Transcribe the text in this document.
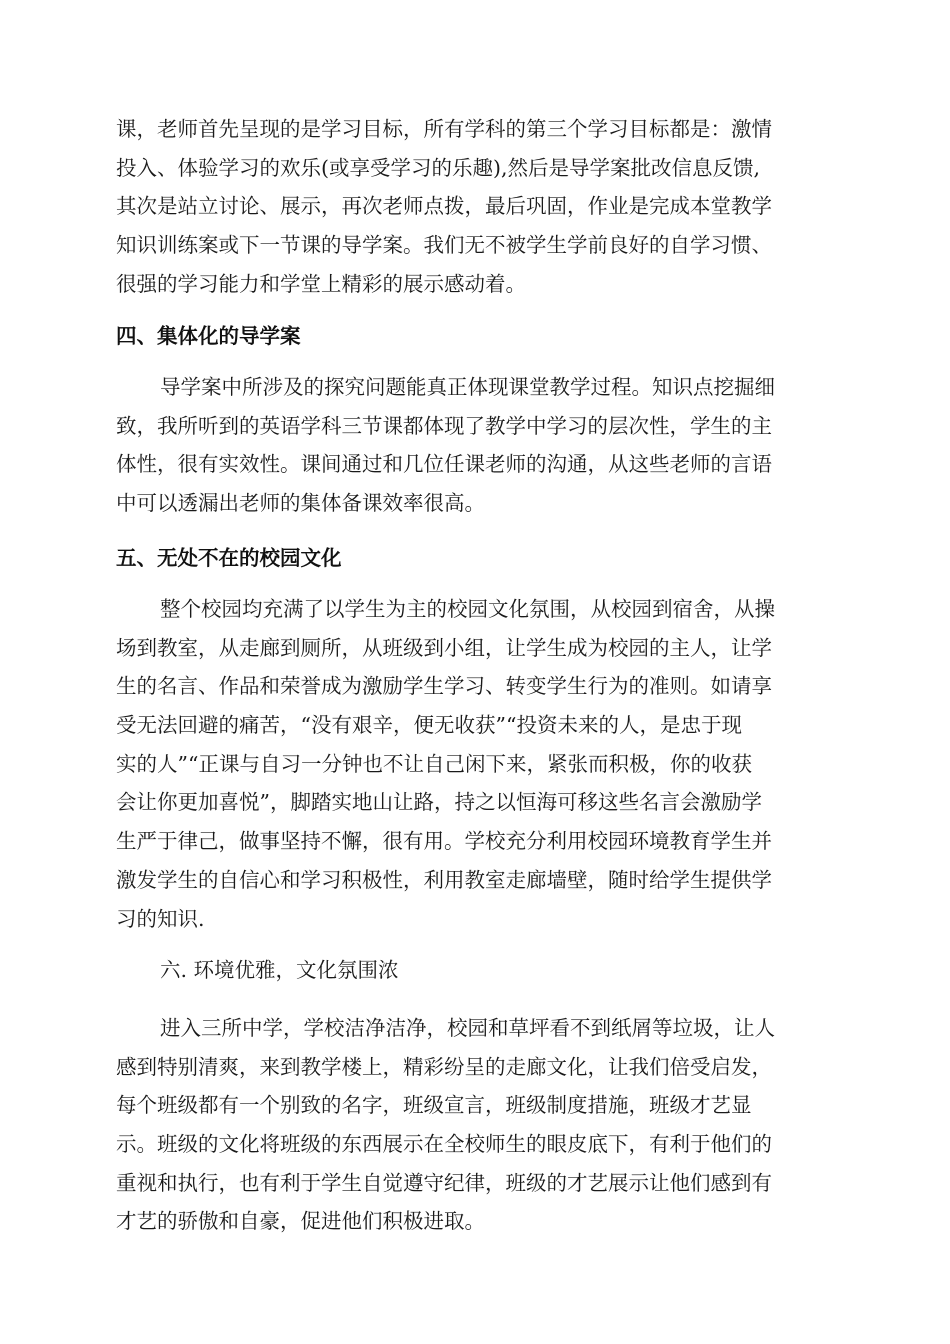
课，老师首先呈现的是学习目标，所有学科的第三个学习目标都是：激情
投入、体验学习的欢乐(或享受学习的乐趣),然后是导学案批改信息反馈,
其次是站立讨论、展示，再次老师点拨，最后巩固，作业是完成本堂教学
知识训练案或下一节课的导学案。我们无不被学生学前良好的自学习惯、
很强的学习能力和学堂上精彩的展示感动着。
四、集体化的导学案
导学案中所涉及的探究问题能真正体现课堂教学过程。知识点挖掘细
致，我所听到的英语学科三节课都体现了教学中学习的层次性，学生的主
体性，很有实效性。课间通过和几位任课老师的沟通，从这些老师的言语
中可以透漏出老师的集体备课效率很高。
五、无处不在的校园文化
整个校园均充满了以学生为主的校园文化氛围，从校园到宿舍，从操
场到教室，从走廊到厕所，从班级到小组，让学生成为校园的主人，让学
生的名言、作品和荣誉成为激励学生学习、转变学生行为的准则。如请享
受无法回避的痛苦，“没有艰辛，便无收获”“投资未来的人，是忠于现
实的人”“正课与自习一分钟也不让自己闲下来，紧张而积极，你的收获
会让你更加喜悦”，脚踏实地山让路，持之以恒海可移这些名言会激励学
生严于律己，做事坚持不懈，很有用。学校充分利用校园环境教育学生并
激发学生的自信心和学习积极性，利用教室走廊墙壁，随时给学生提供学
习的知识.
六. 环境优雅，文化氛围浓
进入三所中学，学校洁净洁净，校园和草坪看不到纸屑等垃圾，让人
感到特别清爽，来到教学楼上，精彩纷呈的走廊文化，让我们倍受启发，
每个班级都有一个别致的名字，班级宣言，班级制度措施，班级才艺显
示。班级的文化将班级的东西展示在全校师生的眼皮底下，有利于他们的
重视和执行，也有利于学生自觉遵守纪律，班级的才艺展示让他们感到有
才艺的骄傲和自豪，促进他们积极进取。
